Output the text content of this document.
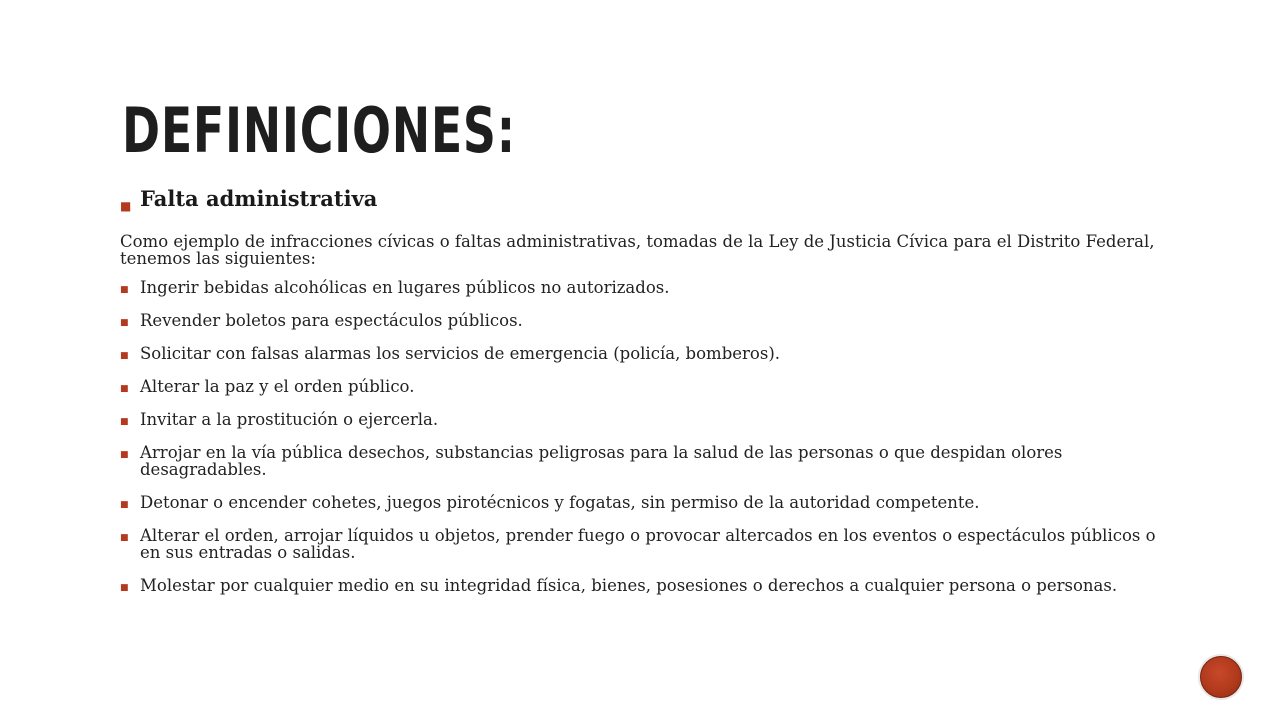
DEFINICIONES:
■ Falta administrativa

Como ejemplo de infracciones cívicas o faltas administrativas, tomadas de la Ley de Justicia Cívica para el Distrito Federal, tenemos las siguientes:

■ Ingerir bebidas alcohólicas en lugares públicos no autorizados.
■ Revender boletos para espectáculos públicos.
■ Solicitar con falsas alarmas los servicios de emergencia (policía, bomberos).
■ Alterar la paz y el orden público.
■ Invitar a la prostitución o ejercerla.
■ Arrojar en la vía pública desechos, substancias peligrosas para la salud de las personas o que despidan olores desagradables.
■ Detonar o encender cohetes, juegos pirotécnicos y fogatas, sin permiso de la autoridad competente.
■ Alterar el orden, arrojar líquidos u objetos, prender fuego o provocar altercados en los eventos o espectáculos públicos o en sus entradas o salidas.
■ Molestar por cualquier medio en su integridad física, bienes, posesiones o derechos a cualquier persona o personas.
